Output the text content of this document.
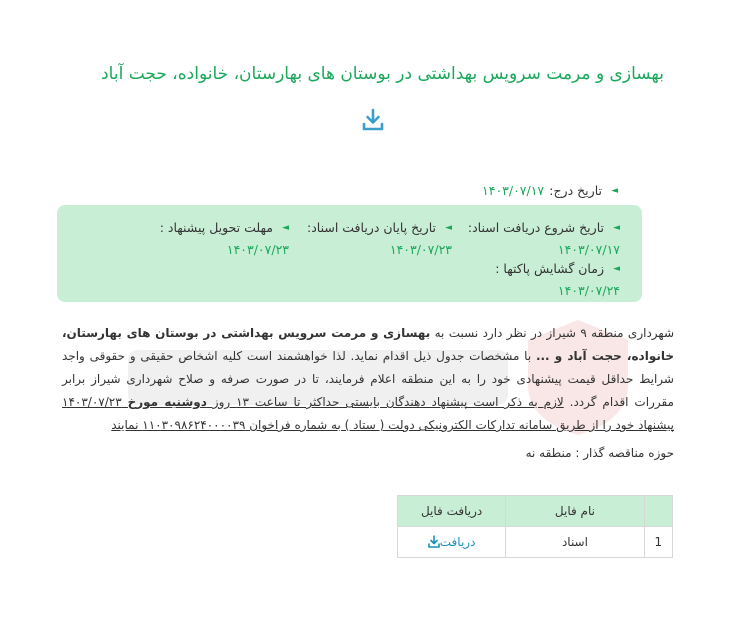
بهسازی و مرمت سرویس بهداشتی در بوستان های بهارستان، خانواده، حجت آباد
◄ تاریخ درج: ۱۴۰۳/۰۷/۱۷
◄ تاریخ شروع دریافت اسناد:
۱۴۰۳/۰۷/۱۷
◄ تاریخ پایان دریافت اسناد:
۱۴۰۳/۰۷/۲۳
◄ مهلت تحویل پیشنهاد :
۱۴۰۳/۰۷/۲۳
◄ زمان گشایش پاکتها :
۱۴۰۳/۰۷/۲۴

شهرداری منطقه ۹ شیراز در نظر دارد نسبت به بهسازی و مرمت سرویس بهداشتی در بوستان های بهارستان، خانواده، حجت آباد و ... با مشخصات جدول ذیل اقدام نماید. لذا خواهشمند است کلیه اشخاص حقیقی و حقوقی واجد شرایط حداقل قیمت پیشنهادی خود را به این منطقه اعلام فرمایند، تا در صورت صرفه و صلاح شهرداری شیراز برابر مقررات اقدام گردد. لازم به ذکر است پیشنهاد دهندگان بایستی حداکثر تا ساعت ۱۳ روز دوشنبه مورخ ۱۴۰۳/۰۷/۲۳ پیشنهاد خود را از طریق سامانه تدارکات الکترونیکی دولت ( ستاد ) به شماره فراخوان ۱۱۰۳۰۹۸۶۲۴۰۰۰۰۳۹ نمایند

حوزه مناقصه گذار : منطقه نه
	نام فایل	دریافت فایل
1	اسناد	دریافت
